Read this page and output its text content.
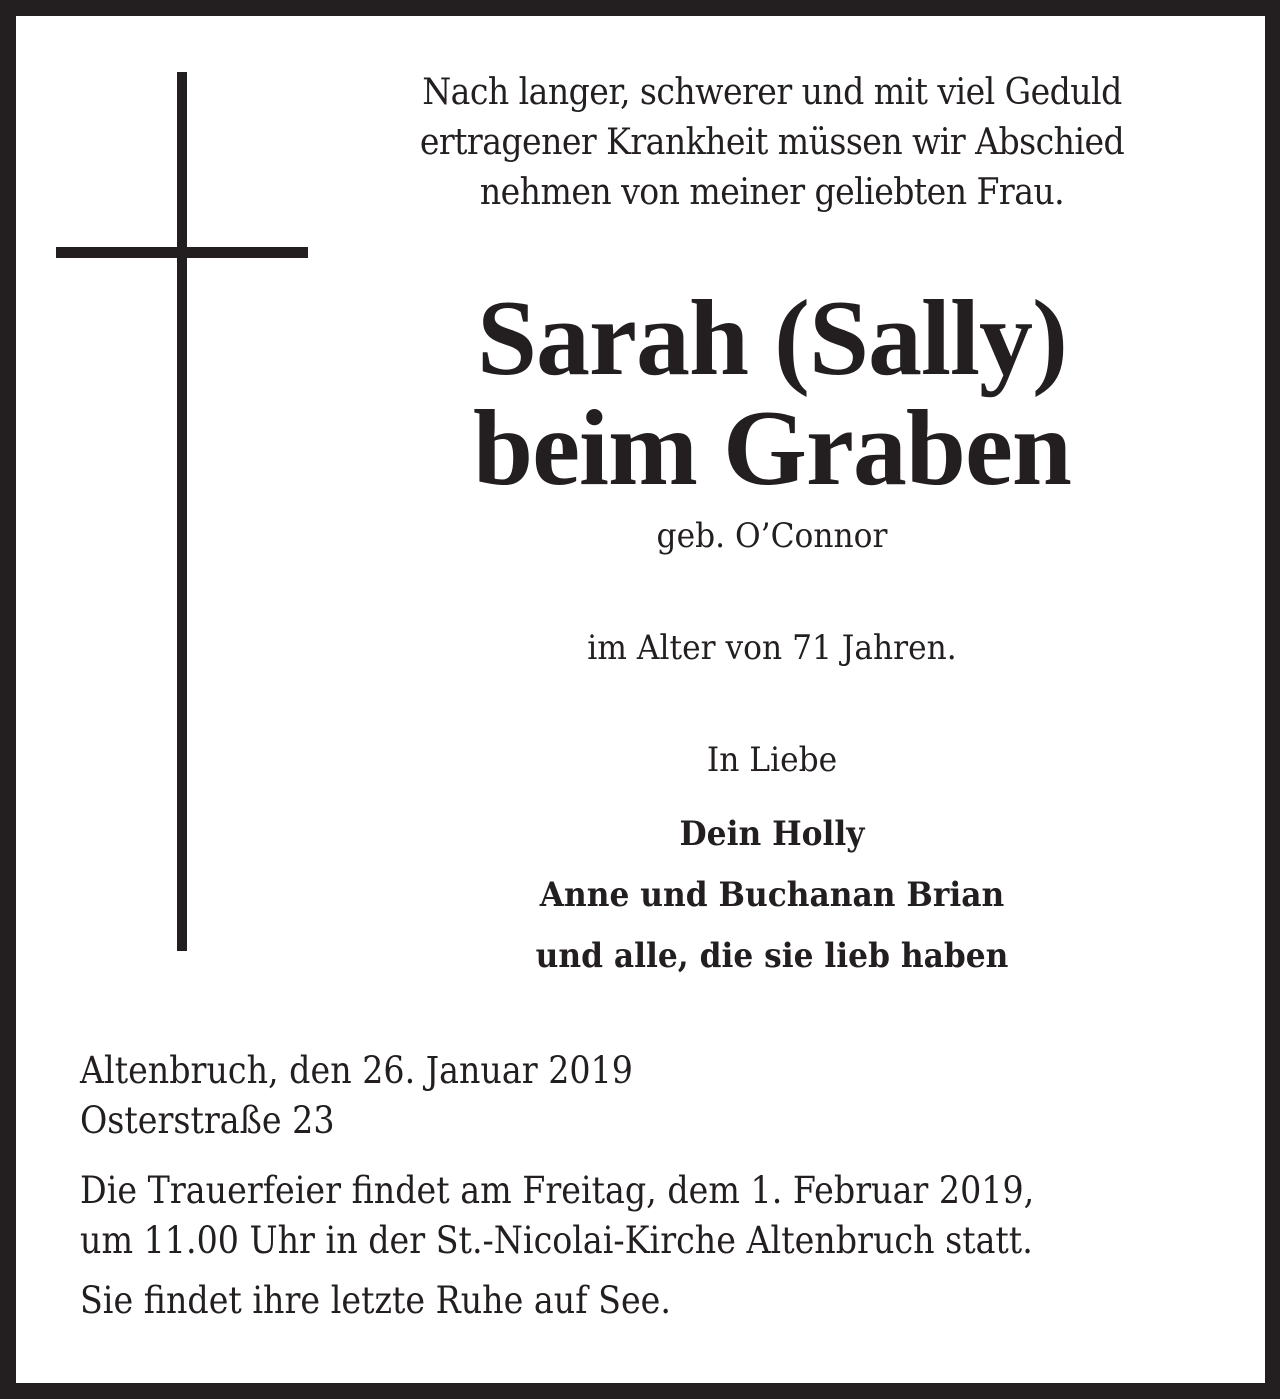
Nach langer, schwerer und mit viel Geduld
ertragener Krankheit müssen wir Abschied
nehmen von meiner geliebten Frau.
Sarah (Sally)
beim Graben
geb. O’Connor
im Alter von 71 Jahren.
In Liebe
Dein Holly
Anne und Buchanan Brian
und alle, die sie lieb haben
Altenbruch, den 26. Januar 2019
Osterstraße 23
Die Trauerfeier findet am Freitag, dem 1. Februar 2019,
um 11.00 Uhr in der St.-Nicolai-Kirche Altenbruch statt.
Sie findet ihre letzte Ruhe auf See.
